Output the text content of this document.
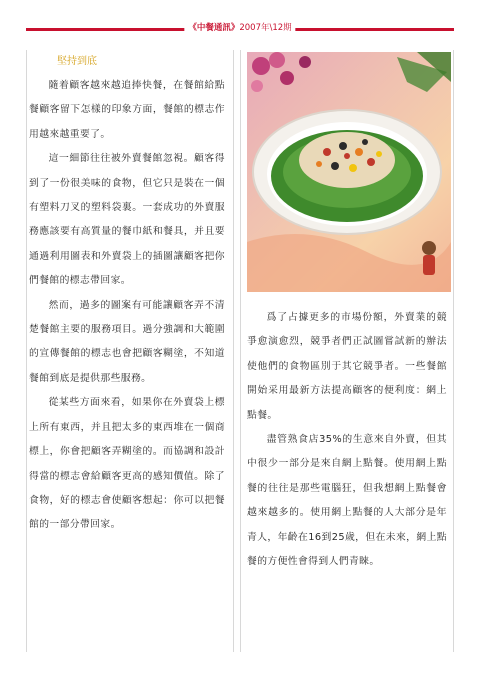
《中餐通訊》2007年\12期
堅持到底

隨着顧客越來越追捧快餐，在餐館給點餐顧客留下怎樣的印象方面，餐館的標志作用越來越重要了。

這一細節往往被外賣餐館忽視。顧客得到了一份很美味的食物，但它只是裝在一個有塑料刀叉的塑料袋裏。一套成功的外賣服務應該要有高質量的餐巾紙和餐具，并且要通過利用圖表和外賣袋上的插圖讓顧客把你們餐館的標志帶回家。

然而，過多的圖案有可能讓顧客弄不清楚餐館主要的服務項目。過分強調和大範圍的宣傳餐館的標志也會把顧客糊塗，不知道餐館到底是提供那些服務。

從某些方面來看，如果你在外賣袋上標上所有東西，并且把太多的東西堆在一個商標上，你會把顧客弄糊塗的。而協調和設計得當的標志會給顧客更高的感知價值。除了食物，好的標志會使顧客想起：你可以把餐館的一部分帶回家。

爲了占據更多的市場份額，外賣業的競爭愈演愈烈，競爭者們正試圖嘗試新的辦法使他們的食物區別于其它競爭者。一些餐館開始采用最新方法提高顧客的便利度：網上點餐。

盡管熟食店35%的生意來自外賣，但其中很少一部分是來自網上點餐。使用網上點餐的往往是那些電腦狂，但我想網上點餐會越來越多的。使用網上點餐的人大部分是年青人，年齡在16到25歲，但在未來，網上點餐的方便性會得到人們青睞。
